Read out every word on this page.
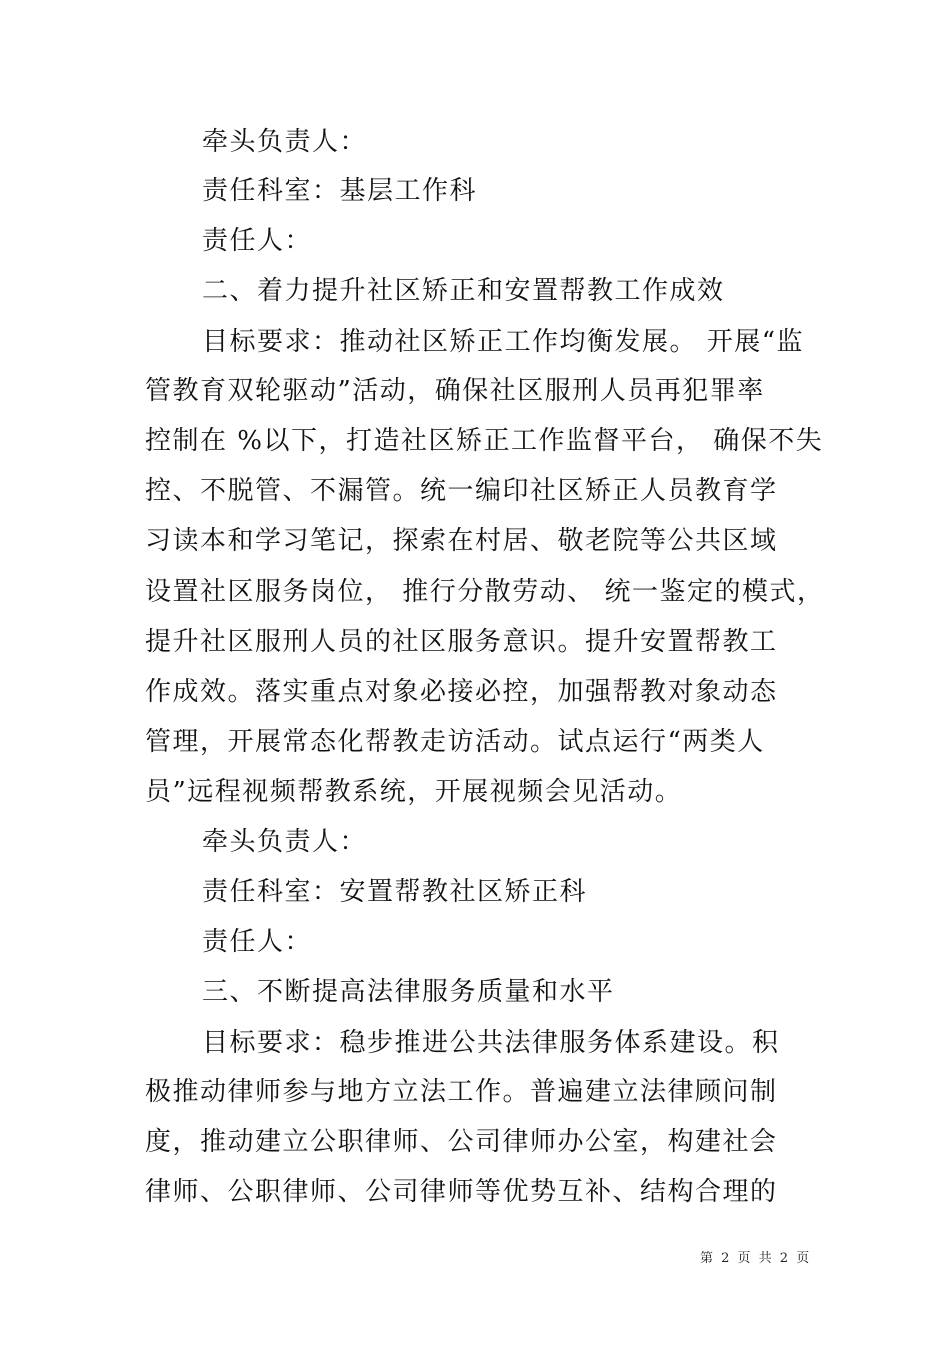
牵头负责人：
责任科室：基层工作科
责任人：
二、着力提升社区矫正和安置帮教工作成效
目标要求：推动社区矫正工作均衡发展。 开展“监
管教育双轮驱动”活动，确保社区服刑人员再犯罪率
控制在 %以下，打造社区矫正工作监督平台， 确保不失
控、不脱管、不漏管。统一编印社区矫正人员教育学
习读本和学习笔记，探索在村居、敬老院等公共区域
设置社区服务岗位， 推行分散劳动、 统一鉴定的模式，
提升社区服刑人员的社区服务意识。提升安置帮教工
作成效。落实重点对象必接必控，加强帮教对象动态
管理，开展常态化帮教走访活动。试点运行“两类人
员”远程视频帮教系统，开展视频会见活动。
牵头负责人：
责任科室：安置帮教社区矫正科
责任人：
三、不断提高法律服务质量和水平
目标要求：稳步推进公共法律服务体系建设。积
极推动律师参与地方立法工作。普遍建立法律顾问制
度，推动建立公职律师、公司律师办公室，构建社会
律师、公职律师、公司律师等优势互补、结构合理的
第 2 页 共 2 页
